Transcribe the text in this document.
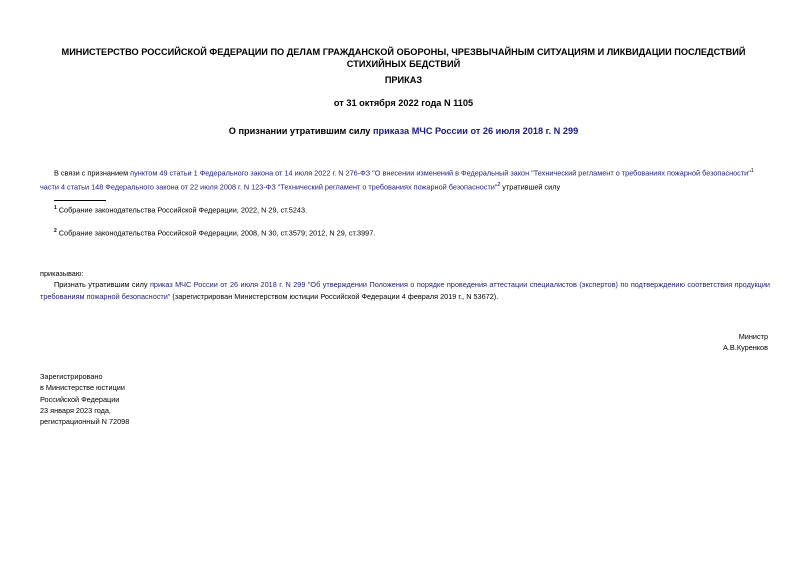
МИНИСТЕРСТВО РОССИЙСКОЙ ФЕДЕРАЦИИ ПО ДЕЛАМ ГРАЖДАНСКОЙ ОБОРОНЫ, ЧРЕЗВЫЧАЙНЫМ СИТУАЦИЯМ И ЛИКВИДАЦИИ ПОСЛЕДСТВИЙ СТИХИЙНЫХ БЕДСТВИЙ
ПРИКАЗ
от 31 октября 2022 года N 1105
О признании утратившим силу приказа МЧС России от 26 июля 2018 г. N 299
В связи с признанием пунктом 49 статьи 1 Федерального закона от 14 июля 2022 г. N 276-ФЗ "О внесении изменений в Федеральный закон "Технический регламент о требованиях пожарной безопасности"$^1$ части 4 статьи 148 Федерального закона от 22 июля 2008 г. N 123-ФЗ "Технический регламент о требованиях пожарной безопасности"$^2$ утратившей силу
$^1$ Собрание законодательства Российской Федерации, 2022, N 29, ст.5243.
$^2$ Собрание законодательства Российской Федерации, 2008, N 30, ст.3579; 2012, N 29, ст.3997.
приказываю:
Признать утратившим силу приказ МЧС России от 26 июля 2018 г. N 299 "Об утверждении Положения о порядке проведения аттестации специалистов (экспертов) по подтверждению соответствия продукции требованиям пожарной безопасности" (зарегистрирован Министерством юстиции Российской Федерации 4 февраля 2019 г., N 53672).
Министр
А.В.Куренков
Зарегистрировано
в Министерстве юстиции
Российской Федерации
23 января 2023 года,
регистрационный N 72098
